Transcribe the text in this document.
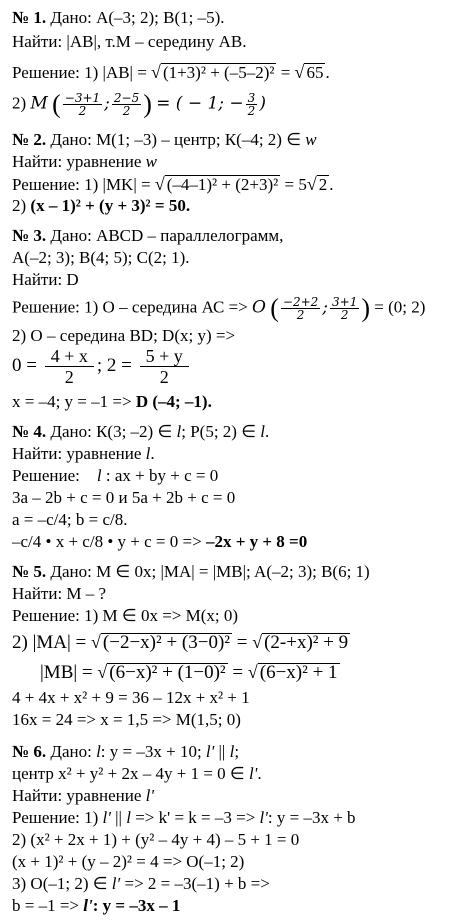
№ 1. Дано: А(–3; 2); В(1; –5).
Найти: |AB|, т.М – середину АВ.
Решение: 1) |AB| = √ (1+3)² + (–5–2)² = √ 65 .
2) M ( $\frac{-3+1}{2}$ ; $\frac{2-5}{2}$ ) = ( − 1; − $\frac{3}{2}$ )
№ 2. Дано: М(1; –3) – центр; К(–4; 2) ∈ w
Найти: уравнение w
Решение: 1) |MK| = √ (–4–1)² + (2+3)² = 5√ 2 .
2) (x – 1)² + (y + 3)² = 50.
№ 3. Дано: ABCD – параллелограмм,
А(–2; 3); В(4; 5); С(2; 1).
Найти: D
Решение: 1) О – середина АС => O ( $\frac{-2+2}{2}$ ; $\frac{3+1}{2}$ ) = (0; 2)
2) О – середина BD; D(x; y) =>
$0 = \frac{4 + x}{2}$ ; $2 = \frac{5 + y}{2}$
x = –4; y = –1 => D (–4; –1).
№ 4. Дано: К(3; –2) ∈ l; Р(5; 2) ∈ l.
Найти: уравнение l.
Решение: l : ax + by + c = 0
3a – 2b + c = 0 и 5a + 2b + c = 0
a = –c/4; b = c/8.
–c/4 • x + c/8 • y + c = 0 => –2x + y + 8 =0
№ 5. Дано: M ∈ 0x; |MA| = |MB|; A(–2; 3); B(6; 1)
Найти: М – ?
Решение: 1) M ∈ 0x => M(x; 0)
2) |MA| = √ (−2−x)² + (3−0)² = √ (2-+x)² + 9
|MB| = √ (6−x)² + (1−0)² = √ (6−x)² + 1
4 + 4x + x² + 9 = 36 – 12x + x² + 1
16x = 24 => x = 1,5 => M(1,5; 0)
№ 6. Дано: l: y = –3x + 10; l' || l;
центр x² + y² + 2x – 4y + 1 = 0 ∈ l'.
Найти: уравнение l'
Решение: 1) l' || l => k' = k = –3 => l': y = –3x + b
2) (x² + 2x + 1) + (y² – 4y + 4) – 5 + 1 = 0
(x + 1)² + (y – 2)² = 4 => O(–1; 2)
3) O(–1; 2) ∈ l′ => 2 = –3(–1) + b =>
b = –1 => l': y = –3x – 1
